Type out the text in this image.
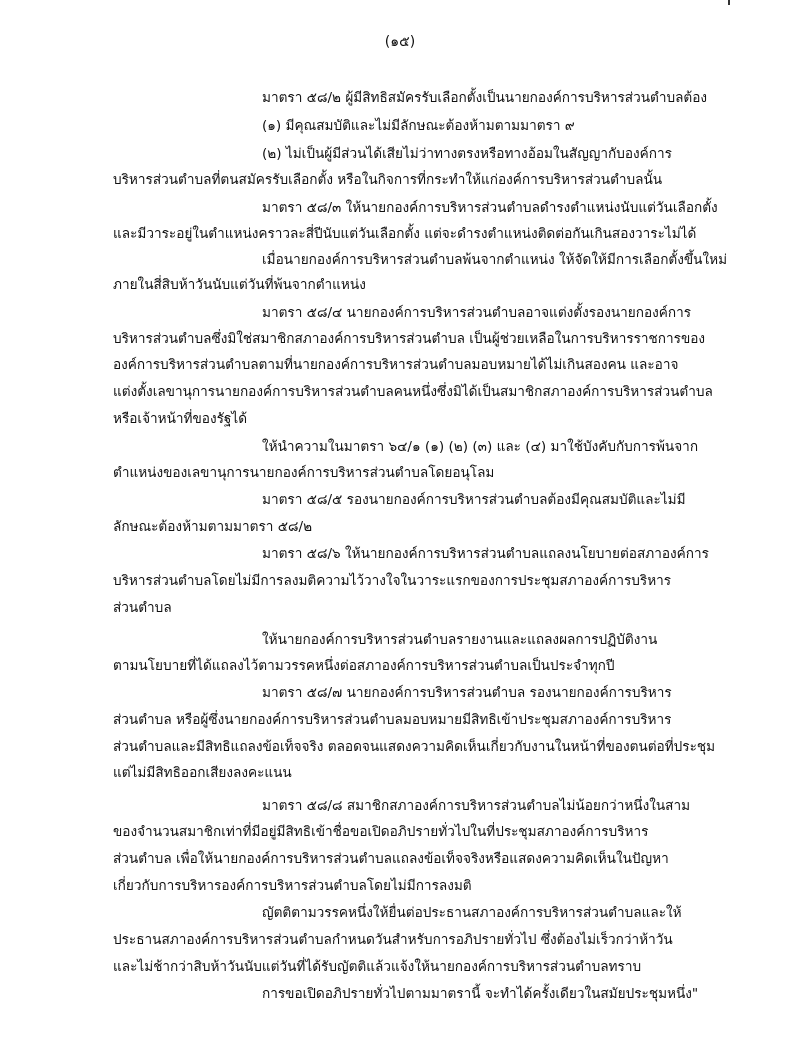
(๑๕)
มาตรา ๕๘/๒ ผู้มีสิทธิสมัครรับเลือกตั้งเป็นนายกองค์การบริหารส่วนตำบลต้อง
(๑) มีคุณสมบัติและไม่มีลักษณะต้องห้ามตามมาตรา ๙
(๒) ไม่เป็นผู้มีส่วนได้เสียไม่ว่าทางตรงหรือทางอ้อมในสัญญากับองค์การ
บริหารส่วนตำบลที่ตนสมัครรับเลือกตั้ง หรือในกิจการที่กระทำให้แก่องค์การบริหารส่วนตำบลนั้น
มาตรา ๕๘/๓ ให้นายกองค์การบริหารส่วนตำบลดำรงตำแหน่งนับแต่วันเลือกตั้ง
และมีวาระอยู่ในตำแหน่งคราวละสี่ปีนับแต่วันเลือกตั้ง แต่จะดำรงตำแหน่งติดต่อกันเกินสองวาระไม่ได้
เมื่อนายกองค์การบริหารส่วนตำบลพ้นจากตำแหน่ง ให้จัดให้มีการเลือกตั้งขึ้นใหม่
ภายในสี่สิบห้าวันนับแต่วันที่พ้นจากตำแหน่ง
มาตรา ๕๘/๔ นายกองค์การบริหารส่วนตำบลอาจแต่งตั้งรองนายกองค์การ
บริหารส่วนตำบลซึ่งมิใช่สมาชิกสภาองค์การบริหารส่วนตำบล เป็นผู้ช่วยเหลือในการบริหารราชการของ
องค์การบริหารส่วนตำบลตามที่นายกองค์การบริหารส่วนตำบลมอบหมายได้ไม่เกินสองคน และอาจ
แต่งตั้งเลขานุการนายกองค์การบริหารส่วนตำบลคนหนึ่งซึ่งมิได้เป็นสมาชิกสภาองค์การบริหารส่วนตำบล
หรือเจ้าหน้าที่ของรัฐได้
ให้นำความในมาตรา ๖๔/๑ (๑) (๒) (๓) และ (๔) มาใช้บังคับกับการพ้นจาก
ตำแหน่งของเลขานุการนายกองค์การบริหารส่วนตำบลโดยอนุโลม
มาตรา ๕๘/๕ รองนายกองค์การบริหารส่วนตำบลต้องมีคุณสมบัติและไม่มี
ลักษณะต้องห้ามตามมาตรา ๕๘/๒
มาตรา ๕๘/๖ ให้นายกองค์การบริหารส่วนตำบลแถลงนโยบายต่อสภาองค์การ
บริหารส่วนตำบลโดยไม่มีการลงมติความไว้วางใจในวาระแรกของการประชุมสภาองค์การบริหาร
ส่วนตำบล
ให้นายกองค์การบริหารส่วนตำบลรายงานและแถลงผลการปฏิบัติงาน
ตามนโยบายที่ได้แถลงไว้ตามวรรคหนึ่งต่อสภาองค์การบริหารส่วนตำบลเป็นประจำทุกปี
มาตรา ๕๘/๗ นายกองค์การบริหารส่วนตำบล รองนายกองค์การบริหาร
ส่วนตำบล หรือผู้ซึ่งนายกองค์การบริหารส่วนตำบลมอบหมายมีสิทธิเข้าประชุมสภาองค์การบริหาร
ส่วนตำบลและมีสิทธิแถลงข้อเท็จจริง ตลอดจนแสดงความคิดเห็นเกี่ยวกับงานในหน้าที่ของตนต่อที่ประชุม
แต่ไม่มีสิทธิออกเสียงลงคะแนน
มาตรา ๕๘/๘ สมาชิกสภาองค์การบริหารส่วนตำบลไม่น้อยกว่าหนึ่งในสาม
ของจำนวนสมาชิกเท่าที่มีอยู่มีสิทธิเข้าชื่อขอเปิดอภิปรายทั่วไปในที่ประชุมสภาองค์การบริหาร
ส่วนตำบล เพื่อให้นายกองค์การบริหารส่วนตำบลแถลงข้อเท็จจริงหรือแสดงความคิดเห็นในปัญหา
เกี่ยวกับการบริหารองค์การบริหารส่วนตำบลโดยไม่มีการลงมติ
ญัตติตามวรรคหนึ่งให้ยื่นต่อประธานสภาองค์การบริหารส่วนตำบลและให้
ประธานสภาองค์การบริหารส่วนตำบลกำหนดวันสำหรับการอภิปรายทั่วไป ซึ่งต้องไม่เร็วกว่าห้าวัน
และไม่ช้ากว่าสิบห้าวันนับแต่วันที่ได้รับญัตติแล้วแจ้งให้นายกองค์การบริหารส่วนตำบลทราบ
การขอเปิดอภิปรายทั่วไปตามมาตรานี้ จะทำได้ครั้งเดียวในสมัยประชุมหนึ่ง"
